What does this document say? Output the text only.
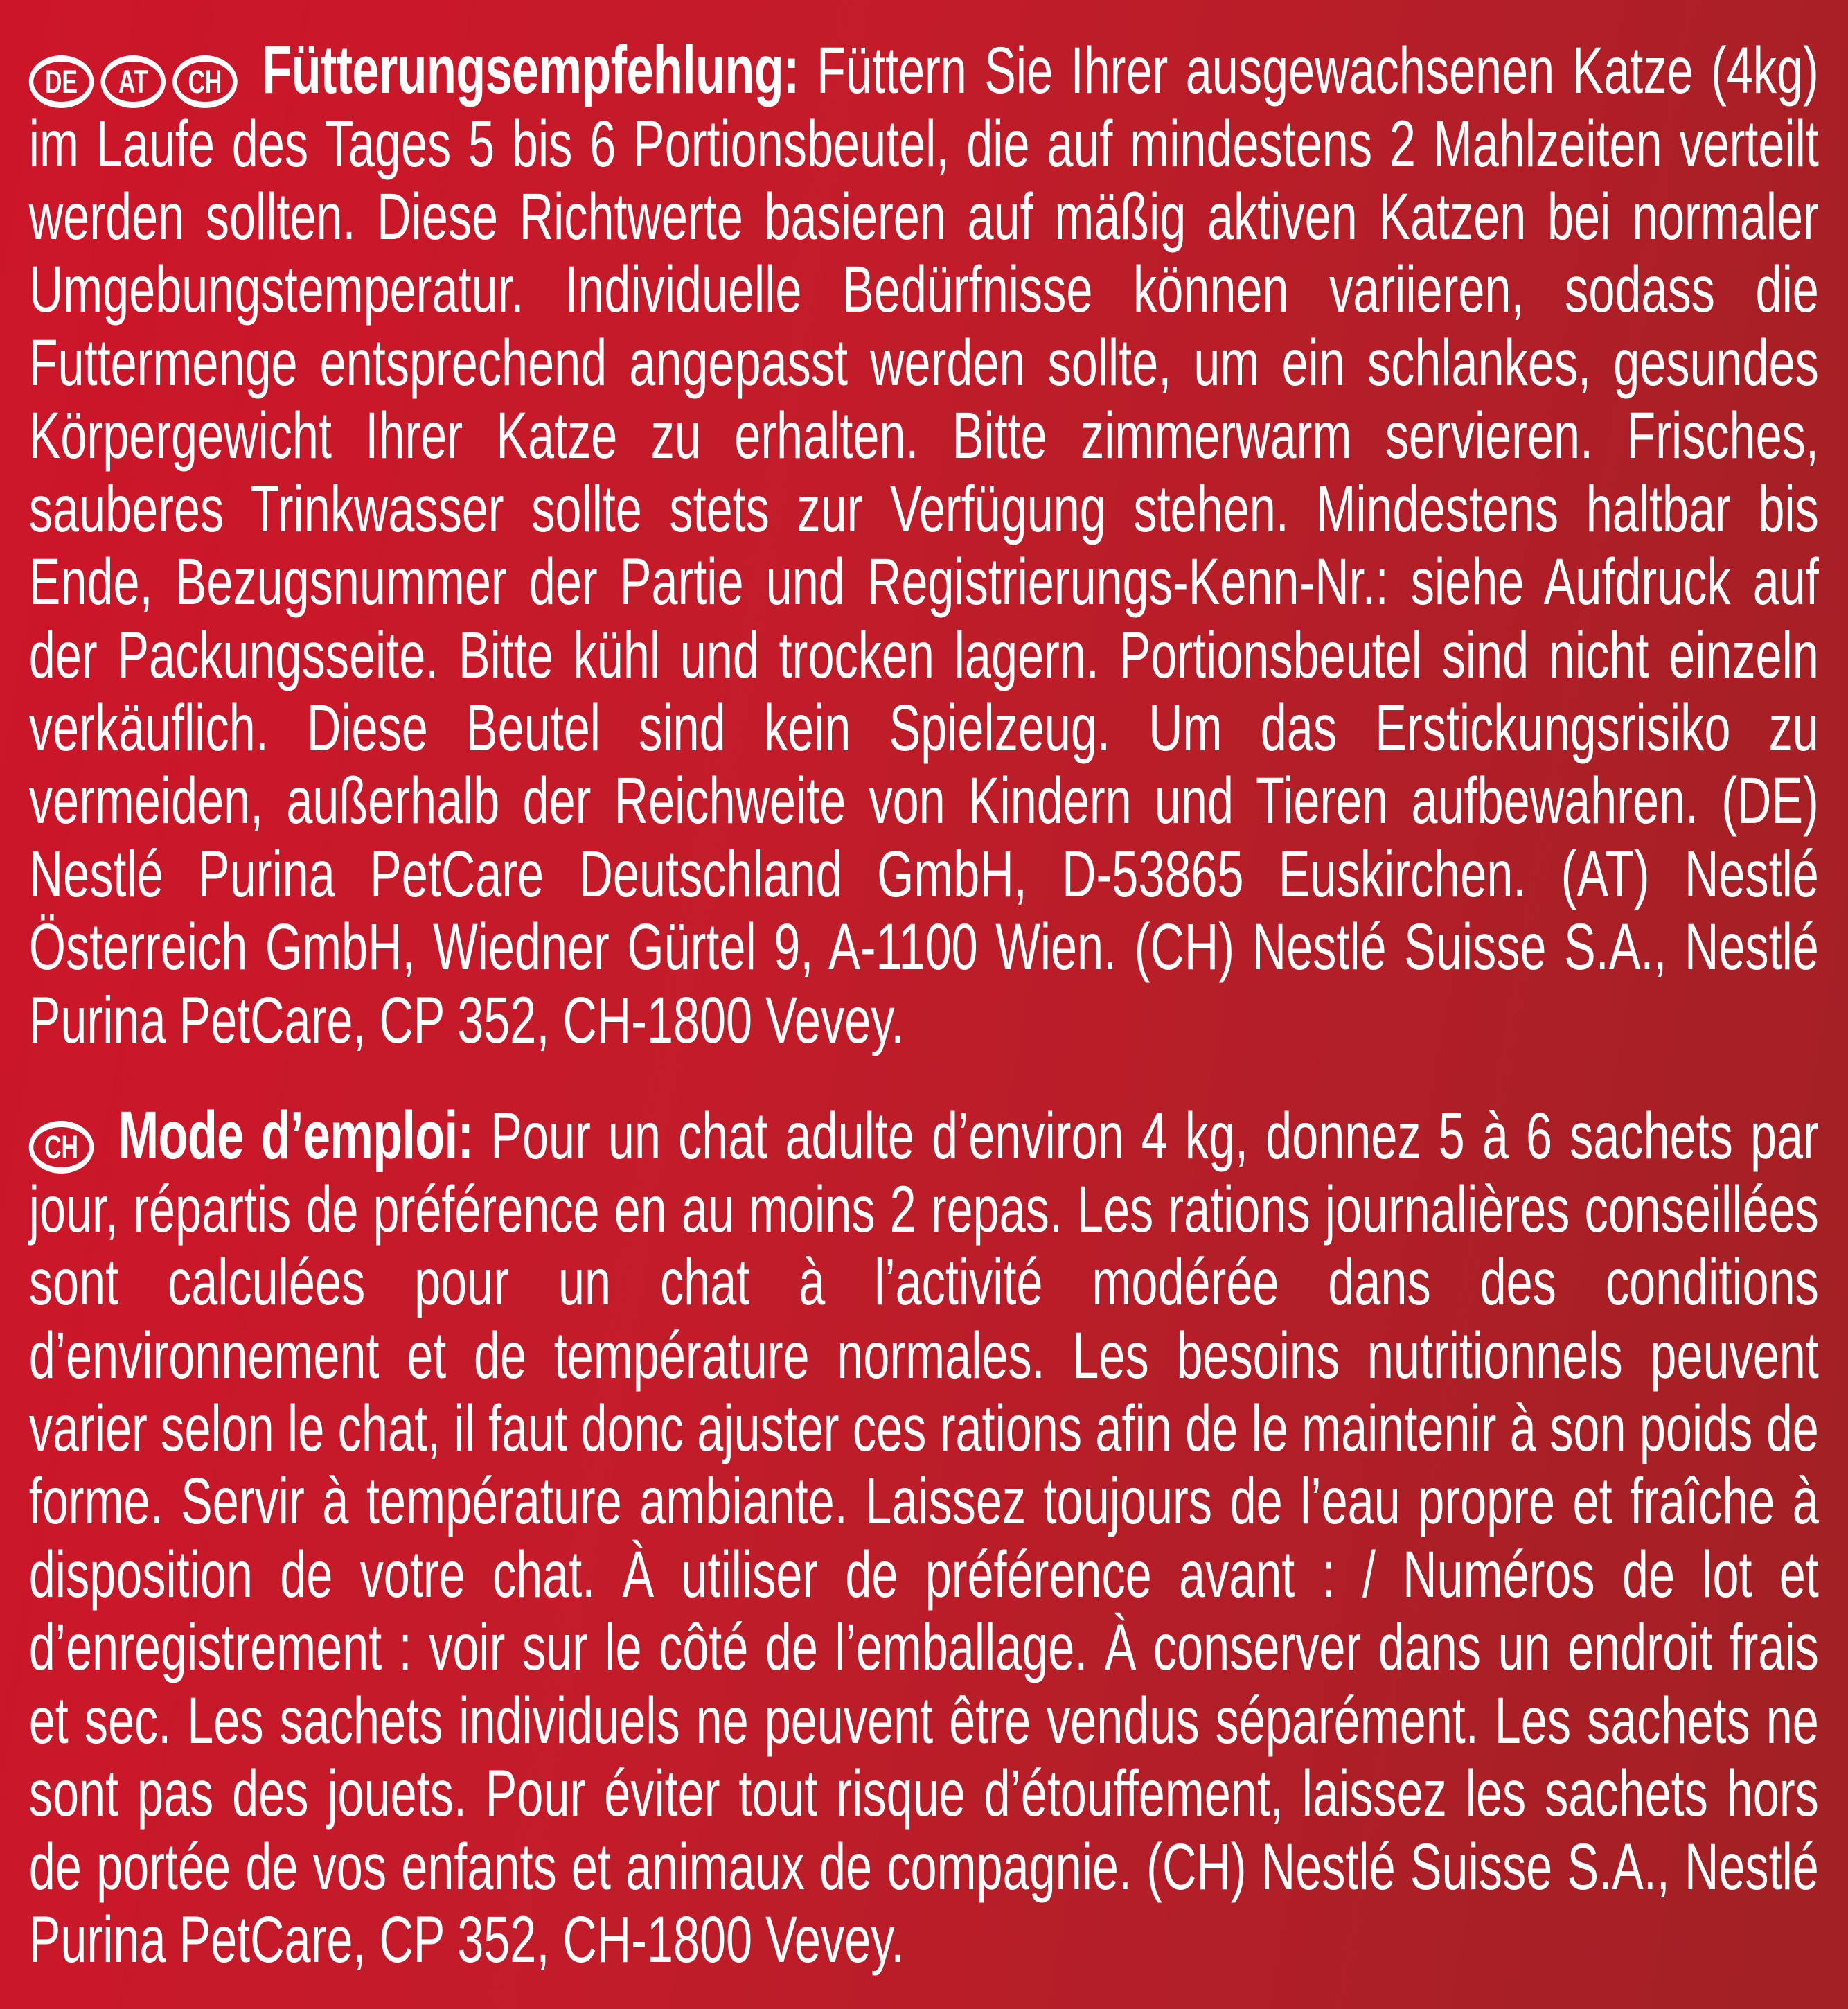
DE AT CH Fütterungsempfehlung: Füttern Sie Ihrer ausgewachsenen Katze (4kg) im Laufe des Tages 5 bis 6 Portionsbeutel, die auf mindestens 2 Mahlzeiten verteilt werden sollten. Diese Richtwerte basieren auf mäßig aktiven Katzen bei normaler Umgebungstemperatur. Individuelle Bedürfnisse können variieren, sodass die Futtermenge entsprechend angepasst werden sollte, um ein schlankes, gesundes Körpergewicht Ihrer Katze zu erhalten. Bitte zimmerwarm servieren. Frisches, sauberes Trinkwasser sollte stets zur Verfügung stehen. Mindestens haltbar bis Ende, Bezugsnummer der Partie und Registrierungs-Kenn-Nr.: siehe Aufdruck auf der Packungsseite. Bitte kühl und trocken lagern. Portionsbeutel sind nicht einzeln verkäuflich. Diese Beutel sind kein Spielzeug. Um das Erstickungsrisiko zu vermeiden, außerhalb der Reichweite von Kindern und Tieren aufbewahren. (DE) Nestlé Purina PetCare Deutschland GmbH, D-53865 Euskirchen. (AT) Nestlé Österreich GmbH, Wiedner Gürtel 9, A-1100 Wien. (CH) Nestlé Suisse S.A., Nestlé Purina PetCare, CP 352, CH-1800 Vevey.

CH Mode d’emploi: Pour un chat adulte d’environ 4 kg, donnez 5 à 6 sachets par jour, répartis de préférence en au moins 2 repas. Les rations journalières conseillées sont calculées pour un chat à l’activité modérée dans des conditions d’environnement et de température normales. Les besoins nutritionnels peuvent varier selon le chat, il faut donc ajuster ces rations afin de le maintenir à son poids de forme. Servir à température ambiante. Laissez toujours de l’eau propre et fraîche à disposition de votre chat. À utiliser de préférence avant : / Numéros de lot et d’enregistrement : voir sur le côté de l’emballage. À conserver dans un endroit frais et sec. Les sachets individuels ne peuvent être vendus séparément. Les sachets ne sont pas des jouets. Pour éviter tout risque d’étouffement, laissez les sachets hors de portée de vos enfants et animaux de compagnie. (CH) Nestlé Suisse S.A., Nestlé Purina PetCare, CP 352, CH-1800 Vevey.
